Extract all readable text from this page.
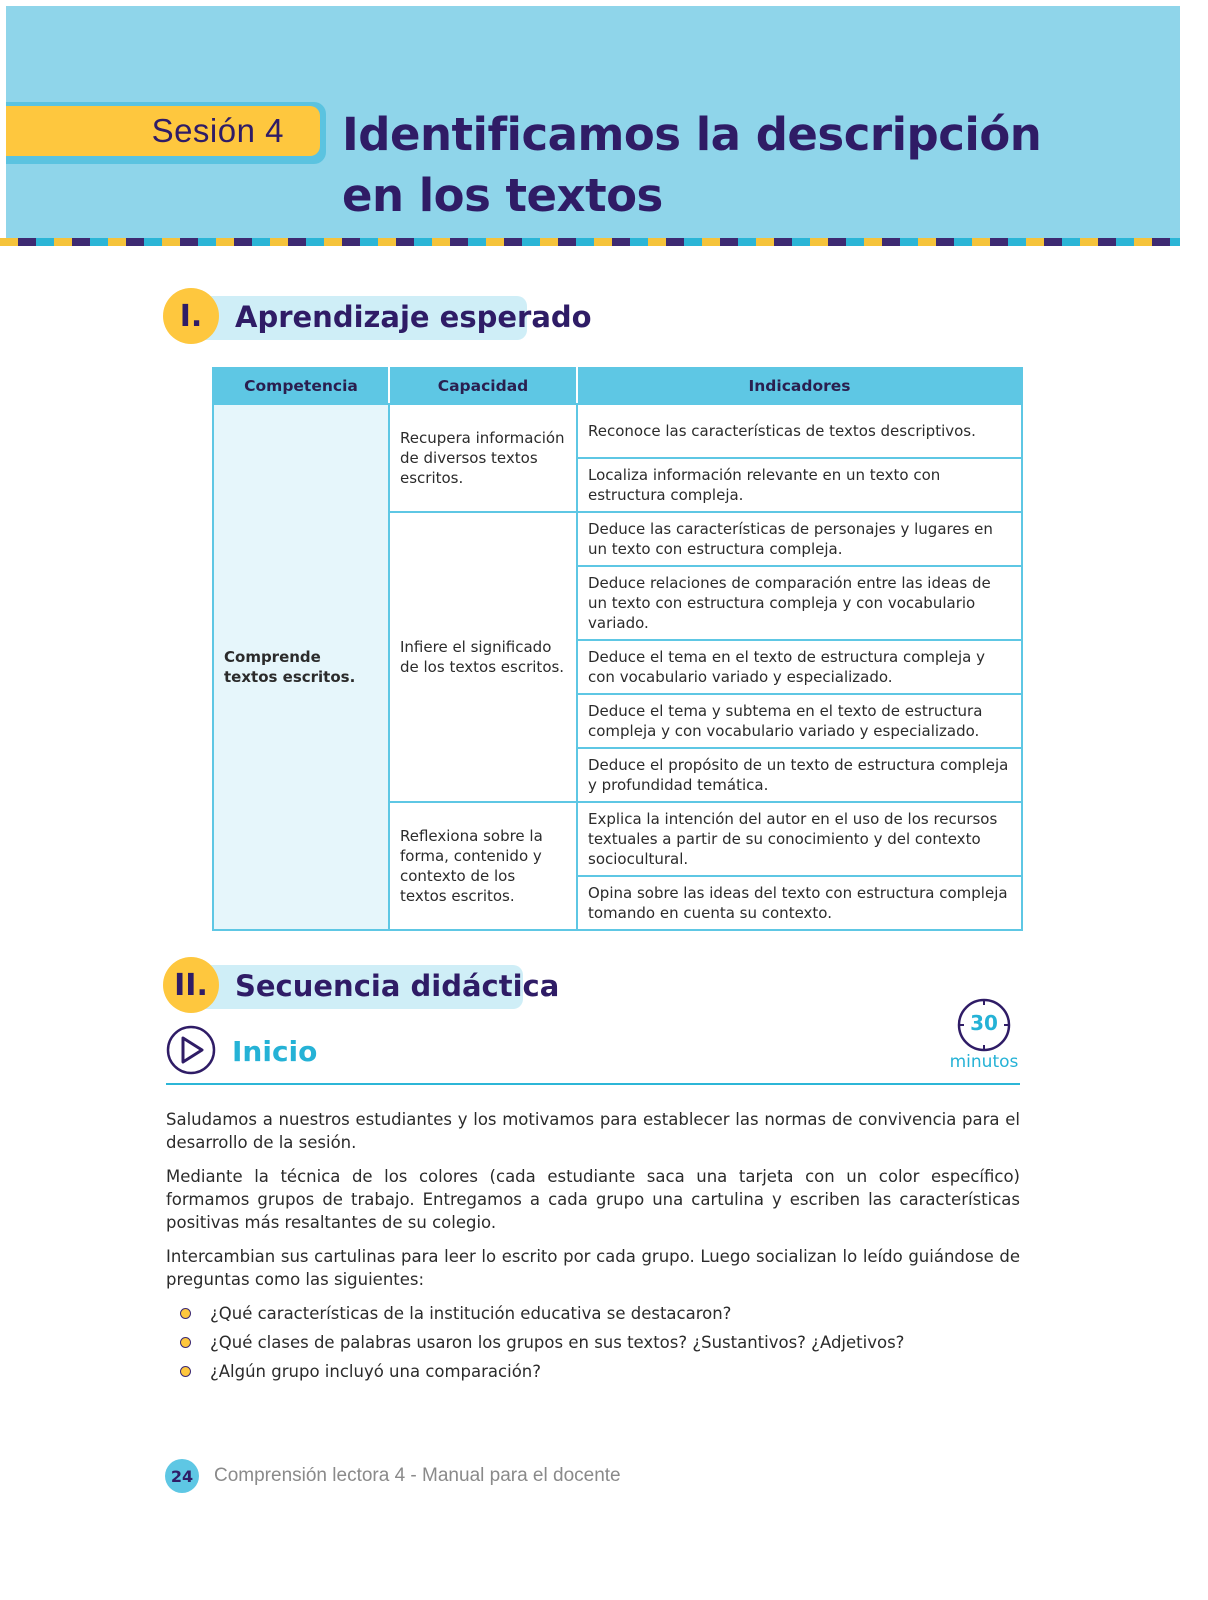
Sesión 4 Identificamos la descripción en los textos
I.	Aprendizaje esperado
Competencia	Capacidad	Indicadores
Comprende textos escritos.	Recupera información de diversos textos escritos.	Reconoce las características de textos descriptivos.
		Localiza información relevante en un texto con estructura compleja.
	Infiere el significado de los textos escritos.	Deduce las características de personajes y lugares en un texto con estructura compleja.
		Deduce relaciones de comparación entre las ideas de un texto con estructura compleja y con vocabulario variado.
		Deduce el tema en el texto de estructura compleja y con vocabulario variado y especializado.
		Deduce el tema y subtema en el texto de estructura compleja y con vocabulario variado y especializado.
		Deduce el propósito de un texto de estructura compleja y profundidad temática.
	Reflexiona sobre la forma, contenido y contexto de los textos escritos.	Explica la intención del autor en el uso de los recursos textuales a partir de su conocimiento y del contexto sociocultural.
		Opina sobre las ideas del texto con estructura compleja tomando en cuenta su contexto.
II. Secuencia didáctica
Inicio
30
minutos

Saludamos a nuestros estudiantes y los motivamos para establecer las normas de convivencia para el desarrollo de la sesión.

Mediante la técnica de los colores (cada estudiante saca una tarjeta con un color específico) formamos grupos de trabajo. Entregamos a cada grupo una cartulina y escriben las características positivas más resaltantes de su colegio.

Intercambian sus cartulinas para leer lo escrito por cada grupo. Luego socializan lo leído guiándose de preguntas como las siguientes:

¿Qué características de la institución educativa se destacaron?
¿Qué clases de palabras usaron los grupos en sus textos? ¿Sustantivos? ¿Adjetivos?
¿Algún grupo incluyó una comparación?
24	Comprensión lectora 4 - Manual para el docente
